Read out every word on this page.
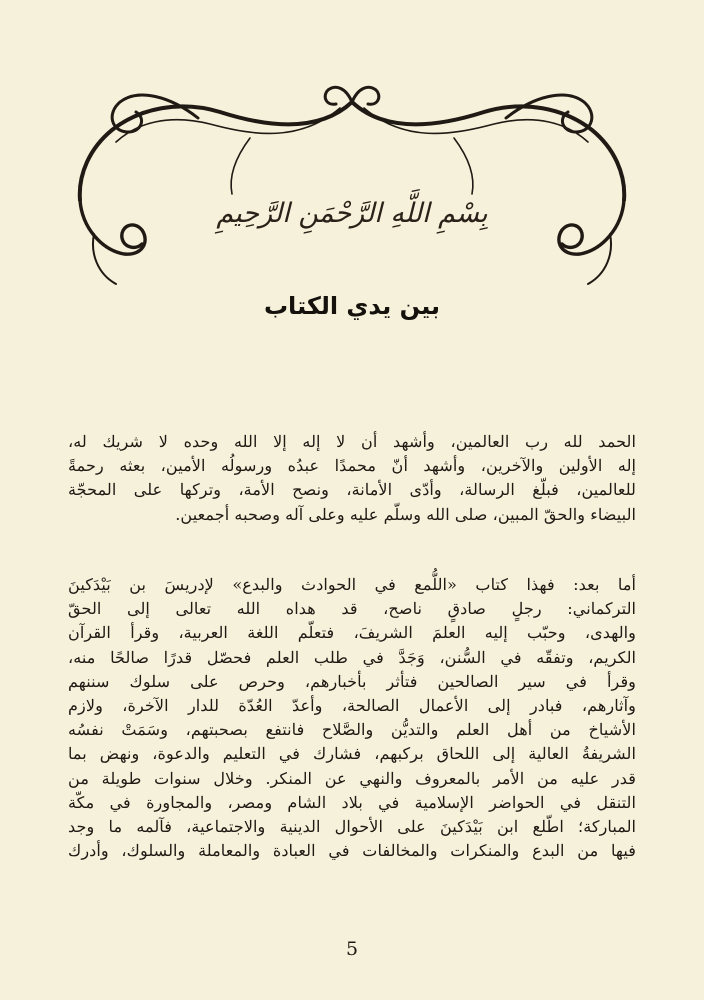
بِسْمِ اللَّهِ الرَّحْمَنِ الرَّحِيمِ
بين يدي الكتاب
الحمد لله رب العالمين، وأشهد أن لا إله إلا الله وحده لا شريك له،
إله الأولين والآخرين، وأشهد أنّ محمدًا عبدُه ورسولُه الأمين، بعثه رحمةً
للعالمين، فبلّغ الرسالة، وأدّى الأمانة، ونصح الأمة، وتركها على المحجّة
البيضاء والحقّ المبين، صلى الله وسلّم عليه وعلى آله وصحبه أجمعين.
أما بعد: فهذا كتاب «اللُّمع في الحوادث والبدع» لإدريسَ بن بَيْدَكينَ
التركماني: رجلٍ صادقٍ ناصح، قد هداه الله تعالى إلى الحقّ
والهدى، وحبّب إليه العلمَ الشريفَ، فتعلّم اللغة العربية، وقرأ القرآن
الكريم، وتفقّه في السُّنن، وَجَدَّ في طلب العلم فحصّل قدرًا صالحًا منه،
وقرأ في سير الصالحين فتأثر بأخبارهم، وحرص على سلوك سننهم
وآثارهم، فبادر إلى الأعمال الصالحة، وأعدّ العُدّة للدار الآخرة، ولازم
الأشياخ من أهل العلم والتديُّن والصَّلاح فانتفع بصحبتهم، وسَمَتْ نفسُه
الشريفةُ العالية إلى اللحاق بركبهم، فشارك في التعليم والدعوة، ونهض بما
قدر عليه من الأمر بالمعروف والنهي عن المنكر. وخلال سنوات طويلة من
التنقل في الحواضر الإسلامية في بلاد الشام ومصر، والمجاورة في مكّة
المباركة؛ اطّلع ابن بَيْدَكينَ على الأحوال الدينية والاجتماعية، فآلمه ما وجد
فيها من البدع والمنكرات والمخالفات في العبادة والمعاملة والسلوك، وأدرك
5
